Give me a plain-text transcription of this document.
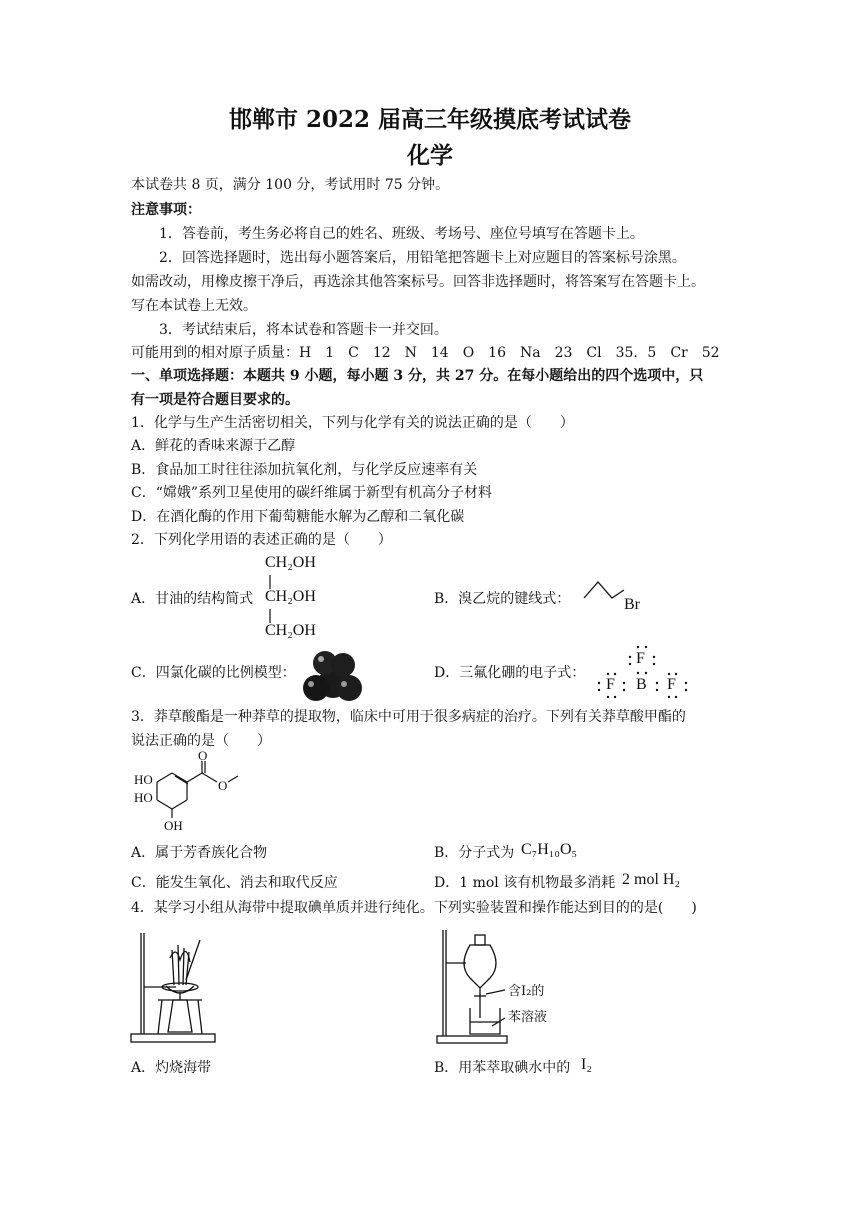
邯郸市 2022 届高三年级摸底考试试卷
化学
本试卷共 8 页，满分 100 分，考试用时 75 分钟。
注意事项：
1．答卷前，考生务必将自己的姓名、班级、考场号、座位号填写在答题卡上。
2．回答选择题时，选出每小题答案后，用铅笔把答题卡上对应题目的答案标号涂黑。
如需改动，用橡皮擦干净后，再选涂其他答案标号。回答非选择题时，将答案写在答题卡上。
写在本试卷上无效。
3．考试结束后，将本试卷和答题卡一并交回。
可能用到的相对原子质量：H　1　C　12　N　14　O　16　Na　23　Cl　35．5　Cr　52
一、单项选择题：本题共 9 小题，每小题 3 分，共 27 分。在每小题给出的四个选项中，只
有一项是符合题目要求的。
1．化学与生产生活密切相关，下列与化学有关的说法正确的是（　　）
A．鲜花的香味来源于乙醇
B．食品加工时往往添加抗氧化剂，与化学反应速率有关
C．“嫦娥”系列卫星使用的碳纤维属于新型有机高分子材料
D．在酒化酶的作用下葡萄糖能水解为乙醇和二氧化碳
2．下列化学用语的表述正确的是（　　）
CH₂OH
CH₂OH
CH₂OH
A．甘油的结构简式	B．溴乙烷的键线式：	Br
C．四氯化碳的比例模型：	D．三氟化硼的电子式：
F
F B F
3．莽草酸酯是一种莽草的提取物，临床中可用于很多病症的治疗。下列有关莽草酸甲酯的
说法正确的是（　　）
HO
HO
OH
O
O
A．属于芳香族化合物	B．分子式为 C₇H₁₀O₅
C．能发生氧化、消去和取代反应	D．1 mol 该有机物最多消耗 2 mol H₂
4．某学习小组从海带中提取碘单质并进行纯化。下列实验装置和操作能达到目的的是(　　)
含I₂的
苯溶液
A．灼烧海带	B．用苯萃取碘水中的 I₂
